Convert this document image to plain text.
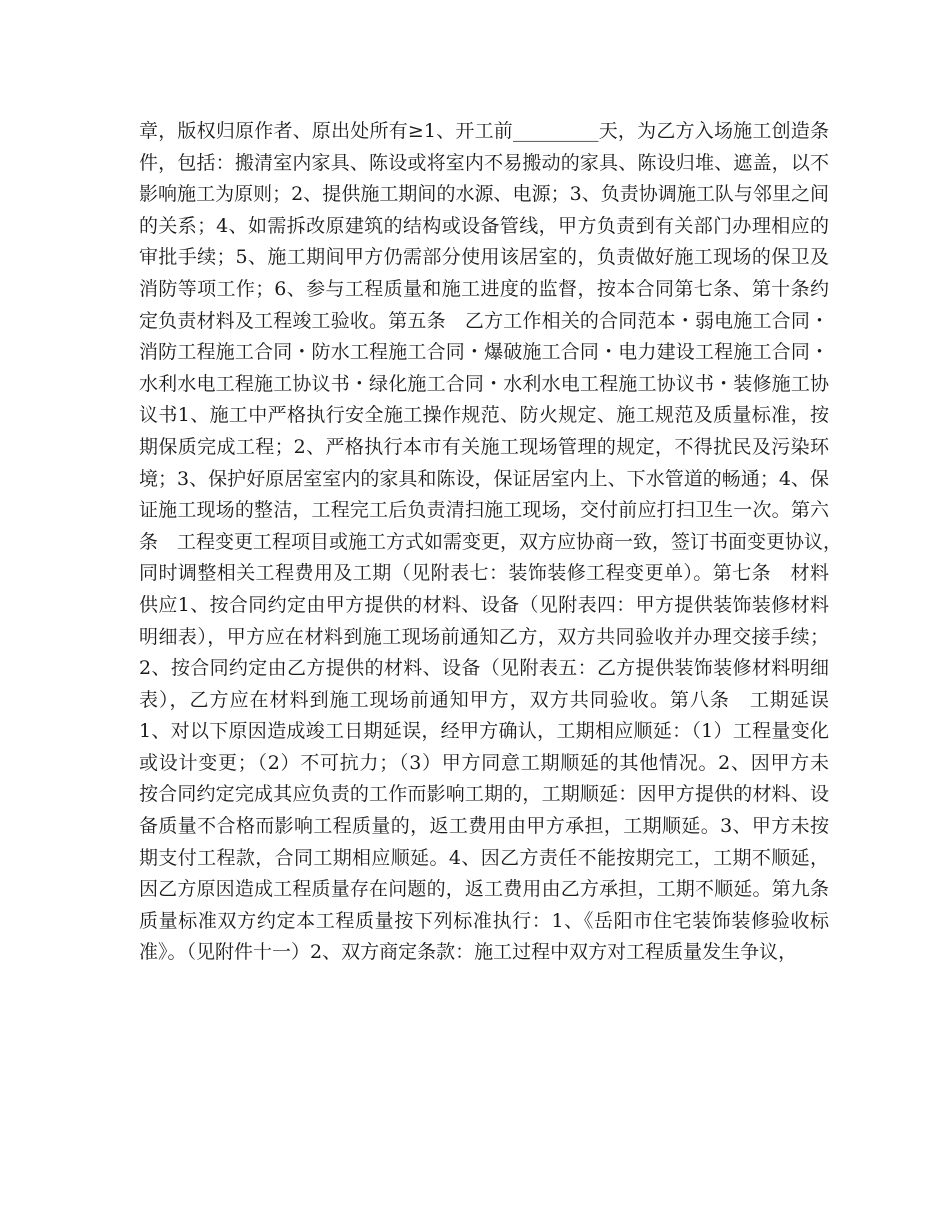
章，版权归原作者、原出处所有≥1、开工前_________天，为乙方入场施工创造条
件，包括：搬清室内家具、陈设或将室内不易搬动的家具、陈设归堆、遮盖，以不
影响施工为原则；2、提供施工期间的水源、电源；3、负责协调施工队与邻里之间
的关系；4、如需拆改原建筑的结构或设备管线，甲方负责到有关部门办理相应的
审批手续；5、施工期间甲方仍需部分使用该居室的，负责做好施工现场的保卫及
消防等项工作；6、参与工程质量和施工进度的监督，按本合同第七条、第十条约
定负责材料及工程竣工验收。第五条　乙方工作相关的合同范本・弱电施工合同・
消防工程施工合同・防水工程施工合同・爆破施工合同・电力建设工程施工合同・
水利水电工程施工协议书・绿化施工合同・水利水电工程施工协议书・装修施工协
议书1、施工中严格执行安全施工操作规范、防火规定、施工规范及质量标准，按
期保质完成工程；2、严格执行本市有关施工现场管理的规定，不得扰民及污染环
境；3、保护好原居室室内的家具和陈设，保证居室内上、下水管道的畅通；4、保
证施工现场的整洁，工程完工后负责清扫施工现场，交付前应打扫卫生一次。第六
条　工程变更工程项目或施工方式如需变更，双方应协商一致，签订书面变更协议，
同时调整相关工程费用及工期（见附表七：装饰装修工程变更单）。第七条　材料
供应1、按合同约定由甲方提供的材料、设备（见附表四：甲方提供装饰装修材料
明细表），甲方应在材料到施工现场前通知乙方，双方共同验收并办理交接手续；
2、按合同约定由乙方提供的材料、设备（见附表五：乙方提供装饰装修材料明细
表），乙方应在材料到施工现场前通知甲方，双方共同验收。第八条　工期延误
1、对以下原因造成竣工日期延误，经甲方确认，工期相应顺延：（1）工程量变化
或设计变更；（2）不可抗力；（3）甲方同意工期顺延的其他情况。2、因甲方未
按合同约定完成其应负责的工作而影响工期的，工期顺延：因甲方提供的材料、设
备质量不合格而影响工程质量的，返工费用由甲方承担，工期顺延。3、甲方未按
期支付工程款，合同工期相应顺延。4、因乙方责任不能按期完工，工期不顺延，
因乙方原因造成工程质量存在问题的，返工费用由乙方承担，工期不顺延。第九条
质量标准双方约定本工程质量按下列标准执行：1、《岳阳市住宅装饰装修验收标
准》。（见附件十一）2、双方商定条款：施工过程中双方对工程质量发生争议，
